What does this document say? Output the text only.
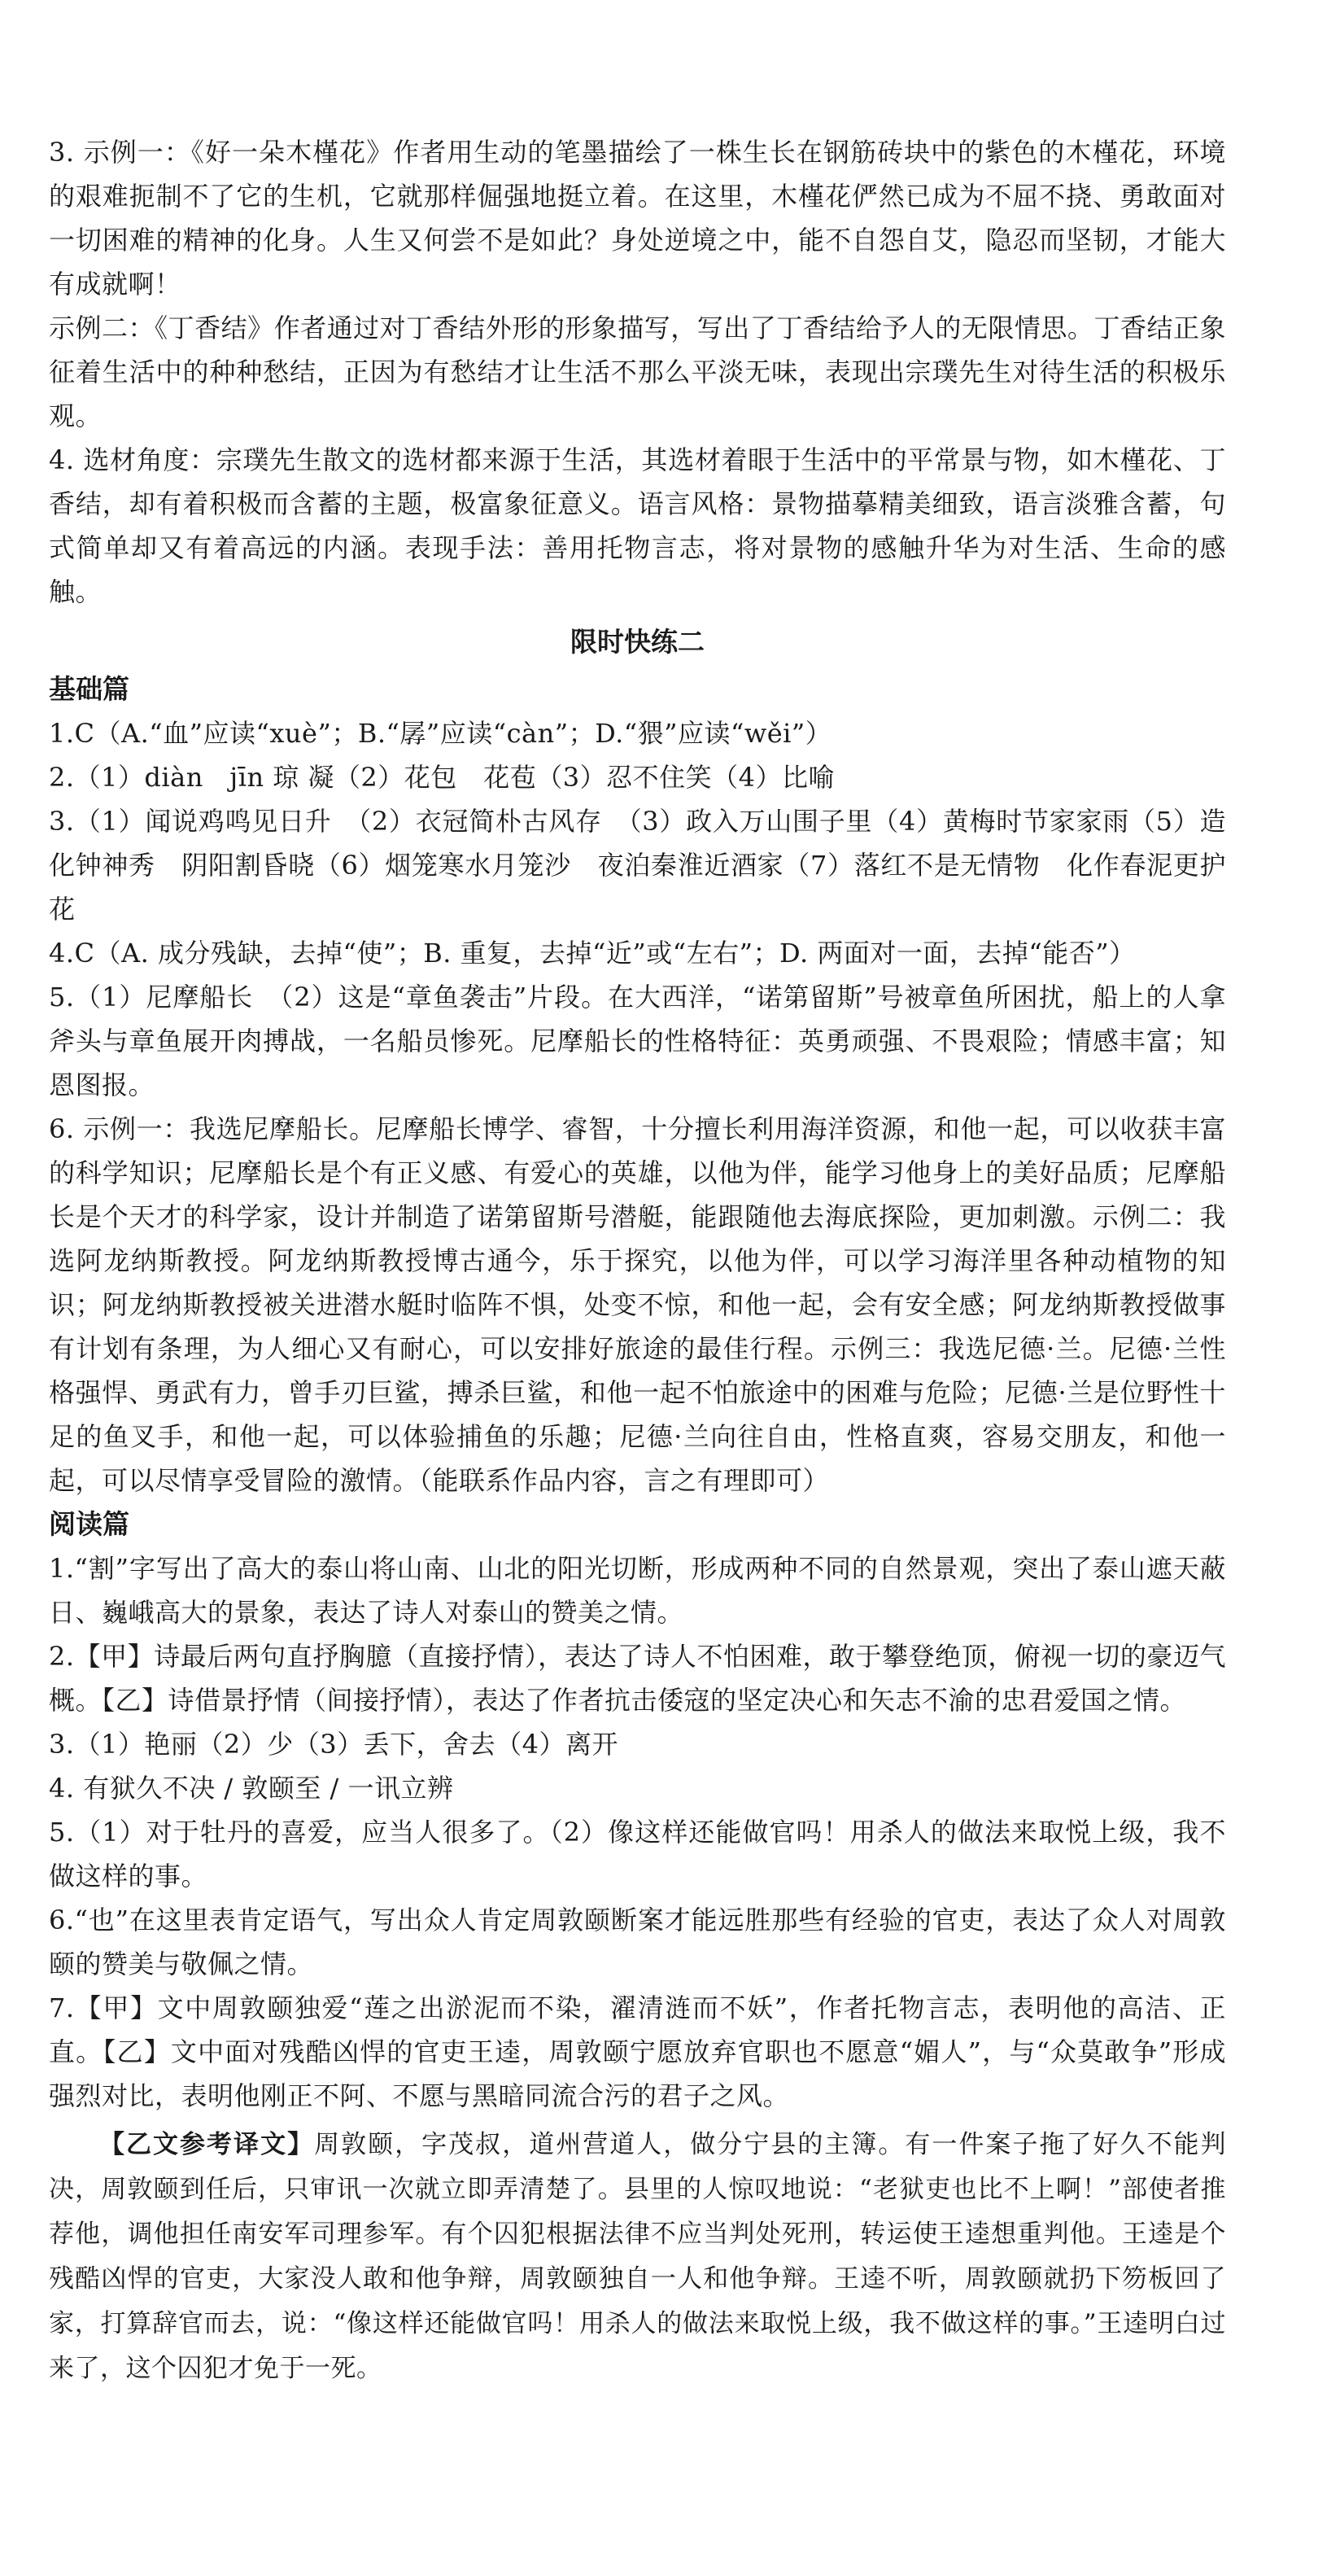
3. 示例一：《好一朵木槿花》作者用生动的笔墨描绘了一株生长在钢筋砖块中的紫色的木槿花，环境的艰难扼制不了它的生机，它就那样倔强地挺立着。在这里，木槿花俨然已成为不屈不挠、勇敢面对一切困难的精神的化身。人生又何尝不是如此？身处逆境之中，能不自怨自艾，隐忍而坚韧，才能大有成就啊！

示例二：《丁香结》作者通过对丁香结外形的形象描写，写出了丁香结给予人的无限情思。丁香结正象征着生活中的种种愁结，正因为有愁结才让生活不那么平淡无味，表现出宗璞先生对待生活的积极乐观。

4. 选材角度：宗璞先生散文的选材都来源于生活，其选材着眼于生活中的平常景与物，如木槿花、丁香结，却有着积极而含蓄的主题，极富象征意义。语言风格：景物描摹精美细致，语言淡雅含蓄，句式简单却又有着高远的内涵。表现手法：善用托物言志，将对景物的感触升华为对生活、生命的感触。

限时快练二
基础篇

1.C（A.“血”应读“xuè”；B.“孱”应读“càn”；D.“猥”应读“wěi”）

2.（1）diàn　jīn 琼 凝（2）花包　花苞（3）忍不住笑（4）比喻

3.（1）闻说鸡鸣见日升　（2）衣冠简朴古风存　（3）政入万山围子里（4）黄梅时节家家雨（5）造化钟神秀　阴阳割昏晓（6）烟笼寒水月笼沙　夜泊秦淮近酒家（7）落红不是无情物　化作春泥更护花

4.C（A. 成分残缺，去掉“使”；B. 重复，去掉“近”或“左右”；D. 两面对一面，去掉“能否”）

5.（1）尼摩船长　（2）这是“章鱼袭击”片段。在大西洋，“诺第留斯”号被章鱼所困扰，船上的人拿斧头与章鱼展开肉搏战，一名船员惨死。尼摩船长的性格特征：英勇顽强、不畏艰险；情感丰富；知恩图报。

6. 示例一：我选尼摩船长。尼摩船长博学、睿智，十分擅长利用海洋资源，和他一起，可以收获丰富的科学知识；尼摩船长是个有正义感、有爱心的英雄，以他为伴，能学习他身上的美好品质；尼摩船长是个天才的科学家，设计并制造了诺第留斯号潜艇，能跟随他去海底探险，更加刺激。示例二：我选阿龙纳斯教授。阿龙纳斯教授博古通今，乐于探究，以他为伴，可以学习海洋里各种动植物的知识；阿龙纳斯教授被关进潜水艇时临阵不惧，处变不惊，和他一起，会有安全感；阿龙纳斯教授做事有计划有条理，为人细心又有耐心，可以安排好旅途的最佳行程。示例三：我选尼德·兰。尼德·兰性格强悍、勇武有力，曾手刃巨鲨，搏杀巨鲨，和他一起不怕旅途中的困难与危险；尼德·兰是位野性十足的鱼叉手，和他一起，可以体验捕鱼的乐趣；尼德·兰向往自由，性格直爽，容易交朋友，和他一起，可以尽情享受冒险的激情。（能联系作品内容，言之有理即可）

阅读篇

1.“割”字写出了高大的泰山将山南、山北的阳光切断，形成两种不同的自然景观，突出了泰山遮天蔽日、巍峨高大的景象，表达了诗人对泰山的赞美之情。

2.【甲】诗最后两句直抒胸臆（直接抒情），表达了诗人不怕困难，敢于攀登绝顶，俯视一切的豪迈气概。【乙】诗借景抒情（间接抒情），表达了作者抗击倭寇的坚定决心和矢志不渝的忠君爱国之情。

3.（1）艳丽（2）少（3）丢下，舍去（4）离开

4. 有狱久不决 / 敦颐至 / 一讯立辨

5.（1）对于牡丹的喜爱，应当人很多了。（2）像这样还能做官吗！用杀人的做法来取悦上级，我不做这样的事。

6.“也”在这里表肯定语气，写出众人肯定周敦颐断案才能远胜那些有经验的官吏，表达了众人对周敦颐的赞美与敬佩之情。

7.【甲】文中周敦颐独爱“莲之出淤泥而不染，濯清涟而不妖”，作者托物言志，表明他的高洁、正直。【乙】文中面对残酷凶悍的官吏王逵，周敦颐宁愿放弃官职也不愿意“媚人”，与“众莫敢争”形成强烈对比，表明他刚正不阿、不愿与黑暗同流合污的君子之风。

【乙文参考译文】周敦颐，字茂叔，道州营道人，做分宁县的主簿。有一件案子拖了好久不能判决，周敦颐到任后，只审讯一次就立即弄清楚了。县里的人惊叹地说：“老狱吏也比不上啊！”部使者推荐他，调他担任南安军司理参军。有个囚犯根据法律不应当判处死刑，转运使王逵想重判他。王逵是个残酷凶悍的官吏，大家没人敢和他争辩，周敦颐独自一人和他争辩。王逵不听，周敦颐就扔下笏板回了家，打算辞官而去，说：“像这样还能做官吗！用杀人的做法来取悦上级，我不做这样的事。”王逵明白过来了，这个囚犯才免于一死。
